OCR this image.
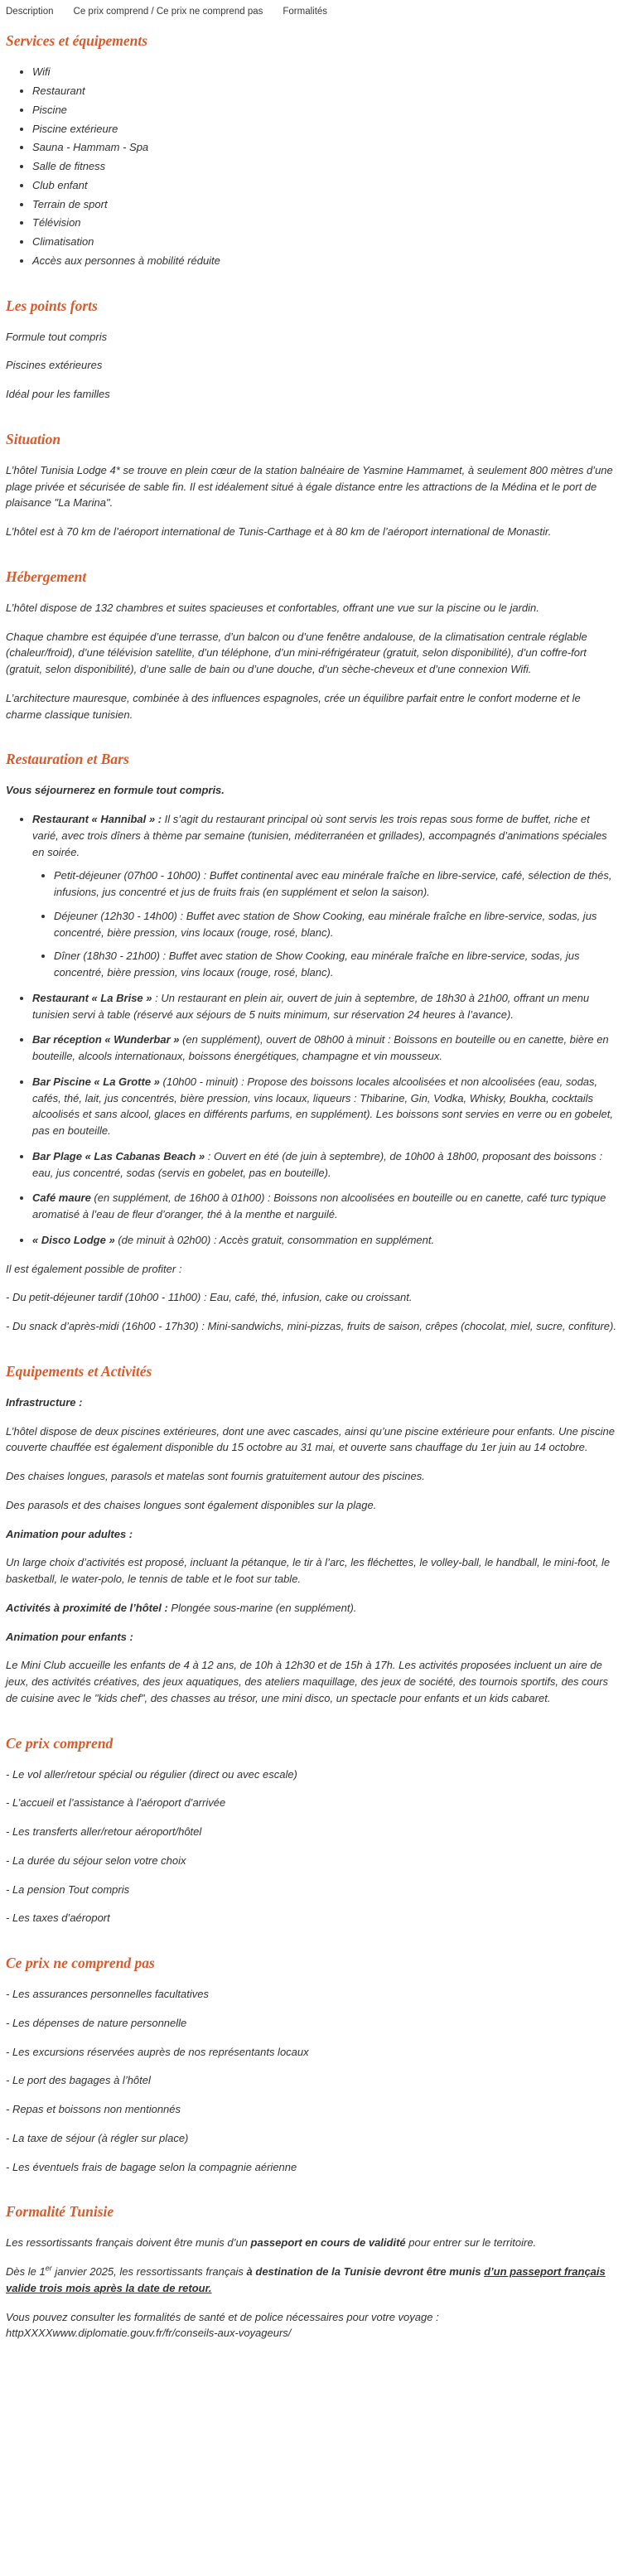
Description Ce prix comprend / Ce prix ne comprend pas Formalités
Services et équipements
• Wifi
• Restaurant
• Piscine
• Piscine extérieure
• Sauna - Hammam - Spa
• Salle de fitness
• Club enfant
• Terrain de sport
• Télévision
• Climatisation
• Accès aux personnes à mobilité réduite
Les points forts

Formule tout compris

Piscines extérieures

Idéal pour les familles

Situation

L’hôtel Tunisia Lodge 4* se trouve en plein cœur de la station balnéaire de Yasmine Hammamet, à seulement 800 mètres d’une plage privée et sécurisée de sable fin. Il est idéalement situé à égale distance entre les attractions de la Médina et le port de plaisance "La Marina".

L’hôtel est à 70 km de l’aéroport international de Tunis-Carthage et à 80 km de l’aéroport international de Monastir.

Hébergement

L’hôtel dispose de 132 chambres et suites spacieuses et confortables, offrant une vue sur la piscine ou le jardin.

Chaque chambre est équipée d’une terrasse, d’un balcon ou d’une fenêtre andalouse, de la climatisation centrale réglable (chaleur/froid), d’une télévision satellite, d’un téléphone, d’un mini-réfrigérateur (gratuit, selon disponibilité), d’un coffre-fort (gratuit, selon disponibilité), d’une salle de bain ou d’une douche, d’un sèche-cheveux et d’une connexion Wifi.

L’architecture mauresque, combinée à des influences espagnoles, crée un équilibre parfait entre le confort moderne et le charme classique tunisien.

Restauration et Bars

Vous séjournerez en formule tout compris.

• Restaurant « Hannibal » : Il s’agit du restaurant principal où sont servis les trois repas sous forme de buffet, riche et varié, avec trois dîners à thème par semaine (tunisien, méditerranéen et grillades), accompagnés d’animations spéciales en soirée.
• Petit-déjeuner (07h00 - 10h00) : Buffet continental avec eau minérale fraîche en libre-service, café, sélection de thés, infusions, jus concentré et jus de fruits frais (en supplément et selon la saison).
• Déjeuner (12h30 - 14h00) : Buffet avec station de Show Cooking, eau minérale fraîche en libre-service, sodas, jus concentré, bière pression, vins locaux (rouge, rosé, blanc).
• Dîner (18h30 - 21h00) : Buffet avec station de Show Cooking, eau minérale fraîche en libre-service, sodas, jus concentré, bière pression, vins locaux (rouge, rosé, blanc).
• Restaurant « La Brise » : Un restaurant en plein air, ouvert de juin à septembre, de 18h30 à 21h00, offrant un menu tunisien servi à table (réservé aux séjours de 5 nuits minimum, sur réservation 24 heures à l’avance).
• Bar réception « Wunderbar » (en supplément), ouvert de 08h00 à minuit : Boissons en bouteille ou en canette, bière en bouteille, alcools internationaux, boissons énergétiques, champagne et vin mousseux.
• Bar Piscine « La Grotte » (10h00 - minuit) : Propose des boissons locales alcoolisées et non alcoolisées (eau, sodas, cafés, thé, lait, jus concentrés, bière pression, vins locaux, liqueurs : Thibarine, Gin, Vodka, Whisky, Boukha, cocktails alcoolisés et sans alcool, glaces en différents parfums, en supplément). Les boissons sont servies en verre ou en gobelet, pas en bouteille.
• Bar Plage « Las Cabanas Beach » : Ouvert en été (de juin à septembre), de 10h00 à 18h00, proposant des boissons : eau, jus concentré, sodas (servis en gobelet, pas en bouteille).
• Café maure (en supplément, de 16h00 à 01h00) : Boissons non alcoolisées en bouteille ou en canette, café turc typique aromatisé à l’eau de fleur d’oranger, thé à la menthe et narguilé.
• « Disco Lodge » (de minuit à 02h00) : Accès gratuit, consommation en supplément.

Il est également possible de profiter :

- Du petit-déjeuner tardif (10h00 - 11h00) : Eau, café, thé, infusion, cake ou croissant.

- Du snack d’après-midi (16h00 - 17h30) : Mini-sandwichs, mini-pizzas, fruits de saison, crêpes (chocolat, miel, sucre, confiture).

Equipements et Activités

Infrastructure :

L’hôtel dispose de deux piscines extérieures, dont une avec cascades, ainsi qu’une piscine extérieure pour enfants. Une piscine couverte chauffée est également disponible du 15 octobre au 31 mai, et ouverte sans chauffage du 1er juin au 14 octobre.

Des chaises longues, parasols et matelas sont fournis gratuitement autour des piscines.

Des parasols et des chaises longues sont également disponibles sur la plage.

Animation pour adultes :

Un large choix d’activités est proposé, incluant la pétanque, le tir à l’arc, les fléchettes, le volley-ball, le handball, le mini-foot, le basketball, le water-polo, le tennis de table et le foot sur table.

Activités à proximité de l’hôtel : Plongée sous-marine (en supplément).

Animation pour enfants :

Le Mini Club accueille les enfants de 4 à 12 ans, de 10h à 12h30 et de 15h à 17h. Les activités proposées incluent un aire de jeux, des activités créatives, des jeux aquatiques, des ateliers maquillage, des jeux de société, des tournois sportifs, des cours de cuisine avec le "kids chef", des chasses au trésor, une mini disco, un spectacle pour enfants et un kids cabaret.

Ce prix comprend

- Le vol aller/retour spécial ou régulier (direct ou avec escale)

- L’accueil et l’assistance à l’aéroport d’arrivée

- Les transferts aller/retour aéroport/hôtel

- La durée du séjour selon votre choix

- La pension Tout compris

- Les taxes d’aéroport

Ce prix ne comprend pas

- Les assurances personnelles facultatives

- Les dépenses de nature personnelle

- Les excursions réservées auprès de nos représentants locaux

- Le port des bagages à l’hôtel

- Repas et boissons non mentionnés

- La taxe de séjour (à régler sur place)

- Les éventuels frais de bagage selon la compagnie aérienne

Formalité Tunisie

Les ressortissants français doivent être munis d’un passeport en cours de validité pour entrer sur le territoire.

Dès le 1er janvier 2025, les ressortissants français à destination de la Tunisie devront être munis d’un passeport français valide trois mois après la date de retour.

Vous pouvez consulter les formalités de santé et de police nécessaires pour votre voyage : httpXXXXwww.diplomatie.gouv.fr/fr/conseils-aux-voyageurs/
